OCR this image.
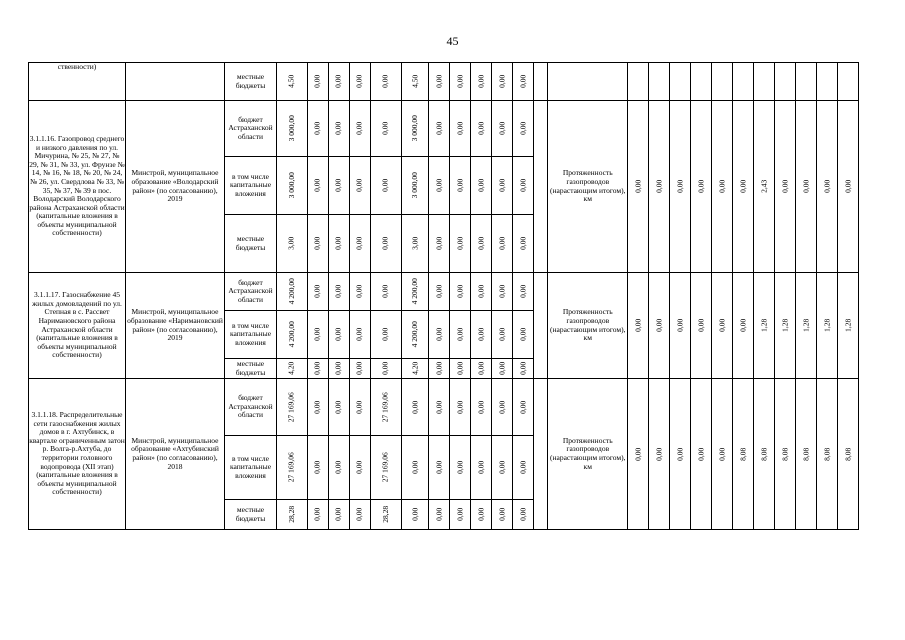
45
ственности)		местные бюджеты	4,50	0,00	0,00	0,00	0,00	4,50	0,00	0,00	0,00	0,00	0,00													
3.1.1.16. Газопровод среднего и низкого давления по ул. Мичурина, № 25, № 27, № 29, № 31, № 33, ул. Фрунзе № 14, № 16, № 18, № 20, № 24, № 26, ул. Свердлова № 33, № 35, № 37, № 39 в пос. Володарский Володарского района Астраханской области (капитальные вложения в объекты муниципальной собственности)	Минстрой, муниципальное образование «Володарский район» (по согласованию), 2019	бюджет Астраханской области	3 000,00	0,00	0,00	0,00	0,00	3 000,00	0,00	0,00	0,00	0,00	0,00		Протяженность газопроводов (нарастающим итогом), км	0,00	0,00	0,00	0,00	0,00	0,00	2,43	0,00	0,00	0,00	0,00
		в том числе капитальные вложения	3 000,00	0,00	0,00	0,00	0,00	3 000,00	0,00	0,00	0,00	0,00	0,00													
		местные бюджеты	3,00	0,00	0,00	0,00	0,00	3,00	0,00	0,00	0,00	0,00	0,00													
3.1.1.17. Газоснабжение 45 жилых домовладений по ул. Степная в с. Рассвет Наримановского района Астраханской области (капитальные вложения в объекты муниципальной собственности)	Минстрой, муниципальное образование «Наримановский район» (по согласованию), 2019	бюджет Астраханской области	4 200,00	0,00	0,00	0,00	0,00	4 200,00	0,00	0,00	0,00	0,00	0,00		Протяженность газопроводов (нарастающим итогом), км	0,00	0,00	0,00	0,00	0,00	0,00	1,28	1,28	1,28	1,28	1,28
		в том числе капитальные вложения	4 200,00	0,00	0,00	0,00	0,00	4 200,00	0,00	0,00	0,00	0,00	0,00													
		местные бюджеты	4,20	0,00	0,00	0,00	0,00	4,20	0,00	0,00	0,00	0,00	0,00													
3.1.1.18. Распределительные сети газоснабжения жилых домов в г. Ахтубинск, в квартале ограниченным затон р. Волга-р.Ахтуба, до территории головного водопровода (XII этап) (капитальные вложения в объекты муниципальной собственности)	Минстрой, муниципальное образование «Ахтубинский район» (по согласованию), 2018	бюджет Астраханской области	27 169,06	0,00	0,00	0,00	27 169,06	0,00	0,00	0,00	0,00	0,00	0,00		Протяженность газопроводов (нарастающим итогом), км	0,00	0,00	0,00	0,00	0,00	8,08	8,08	8,08	8,08	8,08	8,08
		в том числе капитальные вложения	27 169,06	0,00	0,00	0,00	27 169,06	0,00	0,00	0,00	0,00	0,00	0,00													
		местные бюджеты	28,28	0,00	0,00	0,00	28,28	0,00	0,00	0,00	0,00	0,00	0,00													
